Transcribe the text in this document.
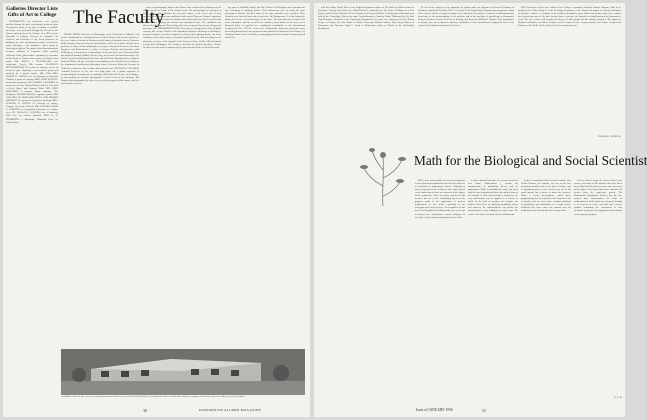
Galleries Director Lists Gifts of Art to College

DARTMOUTH's art collections were greatly enriched during the past year through generous gifts. Seventy-five works of art, plus a number of valuable art books, were presented through the Friends of the Library and directly to the College. In a 1955 review, Churchill P. Lathrop, Director of Carpenter Art Galleries and Professor of Art, listed purchases of paintings by such contemporary artists, watercolors, prints, drawings, a few sculptures, and a group of ethnological objects. The painter John Sloan among the welcome additions to Carpenter Hall's growing collection. Other gifts include a painting by a member of the Board of Trustees and a parcel of sketches and prints. Mrs. ROYAL J. BLANCHARD: five engravings, French 19th century. CLARENCE BUTTENWIESER '19: a panel of tapestry woven in medieval style, depicting a processional group and enclosed by a narrow border. MR. AND MRS. JOSEPH H. HAZEN: two oil paintings by Ryosuke Yoshida; a group of etchings. MRS. JOHN ELLIOTT: watercolors and prints. DR. SAMUEL J. SCOBBIN: in memory of his son, 'Winter Birches' and 'The Girl with a Green Figure' and 'Summer Wind.' MR. JOHN SIMONSEN: a portrait, Italian painting, 'The Reliquary.' WALTER KNOCK: a group of prints. MR. AND MRS. M. DORLAND DOYLE AND ROBERT JOHNSON '10: a group of twenty-five drawings. MRS. WARREN W. DIVINE '25: drawing of pottery, 'Portage,' by George O'Toole. MR. AND MRS. LEON A. SPENCER: an exceptional watercolor of a harbor view. FR. FRANCIS J. KEATING: an oil painting, 'Still Life,' by Charles Bamford. MRS. H. G. THOMPSON: a lithograph, 'Mountain Bear,' by Sanford Ross.

The Faculty

HENRY KOHN, Professor of Philosophy at the University of Munich, will come to Dartmouth as a visiting professor of the College for the second semester of the year. Author of works on Socrates and the history of aesthetic theory, Professor Kohn's primary interests focus on existentialism, and he has written extensively on problems of ethics and the philosophy of religion. Among his books are Freedom, Forgotten and Remembered, a study of German Nazism, and Encounter with Nothingness, a treatment of existentialism. In the past three years Professor Kohn has taught in Istanbul, Madrid, Mexico City, and several American universities. He will be our guest at Dartmouth until June and will lecture throughout New England. Professor Kohn will give a seminar on metaphysics and will aid in the teaching of the department's introductory philosophy course. Professor Kohn left Germany in 1938 and remained in this country until after the war. RICHARD E. WAGNER, Assistant Professor of Art, has won high praise for a unique approach in documenting the development of a painting. With Robert W. Decker, his colleague, he has prepared an unusual photographic record of one of his paintings. Mr. Wagner has photographed in color every week the progress of his canvas, and it is not finished even now.

series of photographs, Wagner and Decker have followed the painting from its earliest sketch on canvas to the finished work. The photographs are arranged on twelve panels which illustrate the successive stages, so the viewer can see how each colour relationship was established and revised. Professor Wagner's approach to painting is that of an artist who builds with colour and form. Such a record of the evolution of a painting has seldom been attempted before. The exhibition was shown first in Carpenter Hall and has since been requested by several colleges and museums. DR. MELBOURNE KANE, Professor of Geology and a New England scientist, Mr. George Allcock of the Dominion Physical Laboratory in Wellington, produced evidence recently in support of a theory that lightning flashes can make 'whistlers' at the earth's surface, the particle generated by the flash travelling far out along lines of force in the magnetic field. Professor Kane and Mr. Allcock studied records from Wellington, New Zealand, and from the Aleutian Islands of Alaska. Dr. Kane's work has been supported by a grant from the Office of Naval Research.

ing post on Umiaklik Island, and Mr. Allcock in Wellington took simultaneous tape recordings of lightning flashes. Their laboratories were at nearly the same geomagnetic latitude, and their times of the same whistlers were recorded. These whistlers were heard at both ends in each case. Dr. Morgan says: 'It is like hitting the tuning fork at one end and hearing it at the other.' The phenomenon is found in the lower atmosphere and the record of the whistlers, from strokes as far away as ten thousand miles, is regarded as a significant contribution to the International Geophysical Year. ON the local scene, Dartmouth's professors presented some interesting discussions before groups meeting outside the classroom. On February 14, Christian Union's series of Sunday evening programs offered a panel on marriage and family life.

Archibald's model of one of two new faculty apartment units to be erected on North Park Street. It is planned to have the first unit ready for occupancy at the start of the next college year in September.
30	DARTMOUTH ALUMNI MAGAZINE

held last Friday. Henry Tirrie of the English Department spoke on 'The Basis for Moral Action in Literature.' Among other talks were Rabbi Harold L. Saperstein on 'The Role of Religion in a Free Society,' and Professor Maurice Beebe of Purdue on 'Poetry and Belief.' A faculty panel discussion was held by the Psychology Club on the topic 'Psychotherapy in America Today.' Moderated by Dr. Paul Vogel Eastman, chairman of the Psychology Department, the panel was composed of Prof. Robert Leeper of Oregon, Dr. John Wylie of Boston University Medical School, Prof. Harry Harlow of Wisconsin, and Professor Hugh C. Glass of Dartmouth, author of 'Roads in the Psychology Department.'

Of the twelve projects to be supported by grants under the program of Research Training in Psychiatry and Related Studies, Mr. Lee Gregory of the Psychology Department has proposed a study of the sensory effects of frequent changes in environment. The project is expected to add fundamental knowledge to the understanding of the problem and to the teaching of psychology at Dartmouth. Professor Robert Gleason, Professor of Biology, and Professor William R. Hutton of the Department of Botany have been named to advisory committees of the International Geophysical Year at the request of the National Academy of Sciences.

THE first book to have been added to the College's expanding Northern Studies Program, Soils to be taught by Prof. Elmer Harp Jr. of the Sociology Department, will examine the impact of modern civilization on primitive cultures. As students of the northern hemisphere grow further and further north, their cultures have grown and ways of life have become those of people who depend on being threatened by thousands of years. The new courses will examine the history of such groups and the changes produced. The impact of Modern Civilization on Native Peoples, will be offered in the coming summer, and 'Native Peoples and Cultures of the North' will be offered in the next academic year.

HAROLD L. BOND '42
Math for the Biological and Social Scientist

ONE of the most notable of recent developments on the Dartmouth educational scene has been the rise in enrollment in mathematics courses. Although no man is required by the College to take math, almost every student has at least one semester of the subject before graduation. There are many reasons for this increase but one of the outstanding has been the progress made in the application of modern mathematics to new fields, especially to the biological and social sciences. In recognition of this trend, the Department of Mathematics two years ago developed new introductory courses designed to meet the needs of students majoring in these fields.

to their classical branches, the second semester's new course, Mathematics 7, teaches the fundamentals of probability theory and its applications. While in mentality the course can cover only the most fundamental ideas, the student learns a fair amount of skill and develops a feeling for the way mathematics can be applied in a variety of fields. In the field of genetics, for example, the student learns how, by applying probability theory and matrices, the mathematician can predict the characteristics of the offspring of a given pair. The course is the first of its kind offered at Dartmouth.

model, is found that in the Security Council of the United Nations, for example, any one of the five permanent members has a veto power. Using a sort of bargaining power of all, whereas any one of the small nations has a power to affect the outcome. Under a recent development, called linear programming, has been placed at the disposal of the economist, who can now reduce complex problems of production and distribution to a single model. Problems like these show the student how his mathematics can aid him directly in many fields.

It is too early to judge the effects of these new courses, but many of the students who have taken them report that they have become more interested in the subject. It is hoped that future students will benefit from the experience gained. The Mathematics Department believes that the new courses have demonstrated the value of mathematics in fields which were formerly thought to be beyond its reach, and that their success justifies continuing the experiment. It also welcomes comments and suggestions from alumni concerning the program.

H. L. B.
Issue of JANUARY 1956	31
